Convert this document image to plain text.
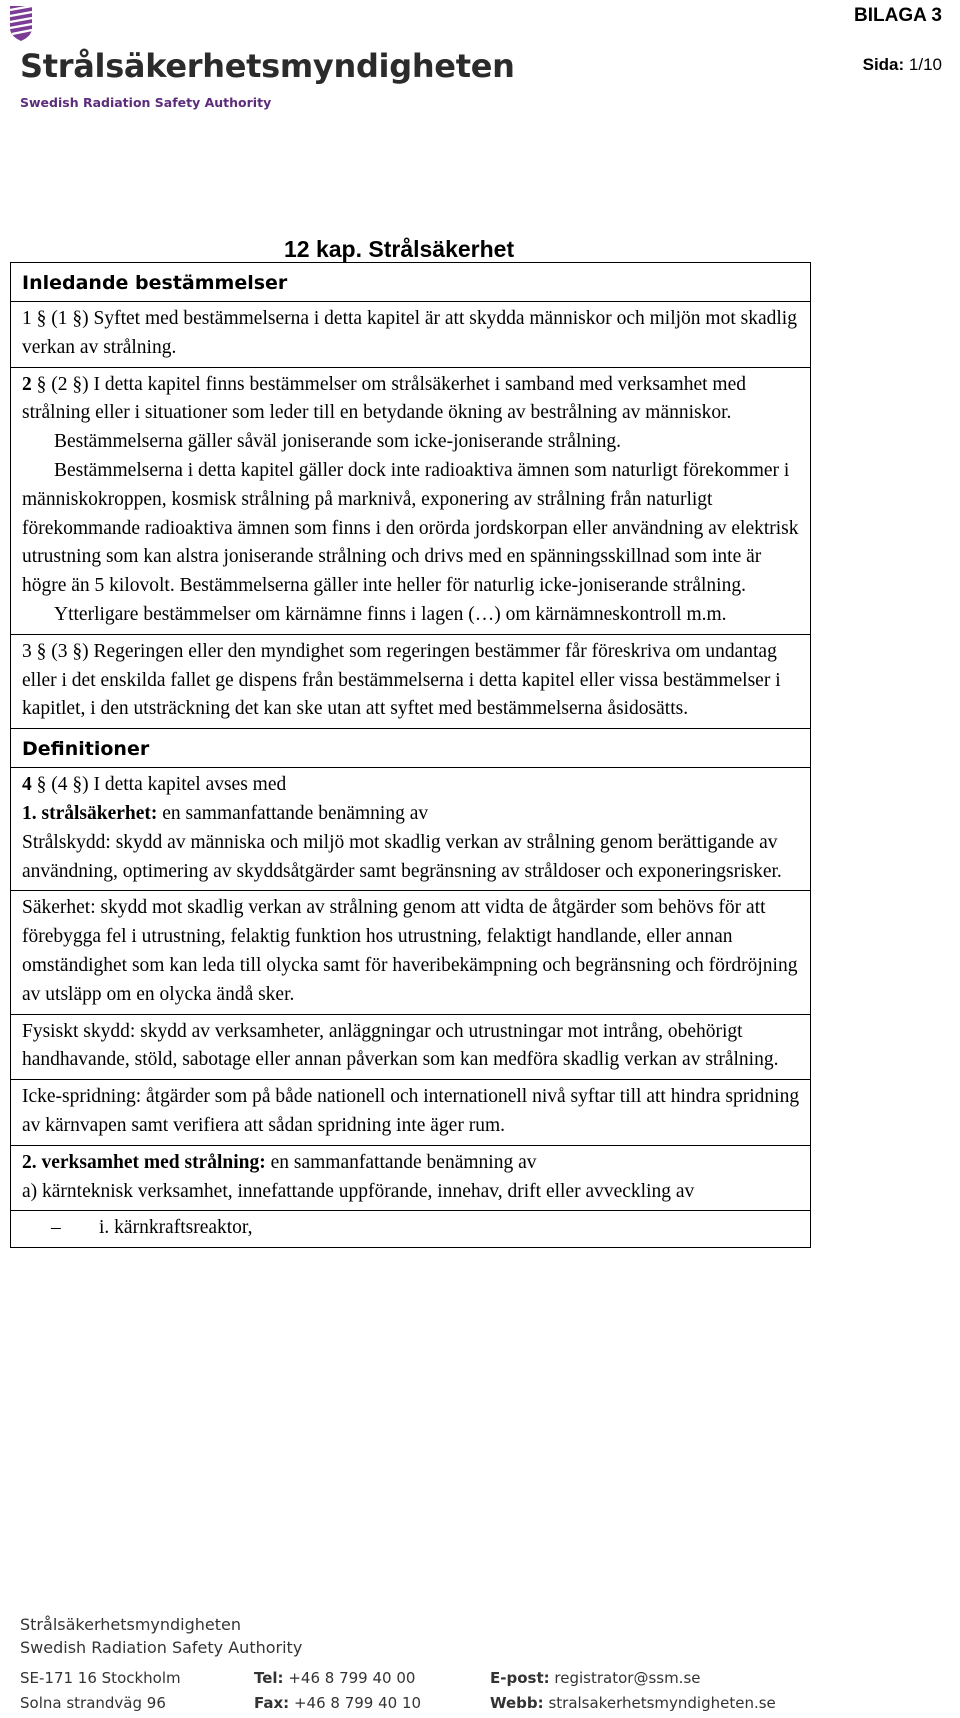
Strålsäkerhetsmyndigheten
Swedish Radiation Safety Authority
BILAGA 3
Sida: 1/10
12 kap. Strålsäkerhet
Inledande bestämmelser
1 § (1 §) Syftet med bestämmelserna i detta kapitel är att skydda människor och miljön mot skadlig verkan av strålning.
2 § (2 §) I detta kapitel finns bestämmelser om strålsäkerhet i samband med verksamhet med strålning eller i situationer som leder till en betydande ökning av bestrålning av människor.
Bestämmelserna gäller såväl joniserande som icke-joniserande strålning.
Bestämmelserna i detta kapitel gäller dock inte radioaktiva ämnen som naturligt förekommer i människokroppen, kosmisk strålning på marknivå, exponering av strålning från naturligt förekommande radioaktiva ämnen som finns i den orörda jordskorpan eller användning av elektrisk utrustning som kan alstra joniserande strålning och drivs med en spänningsskillnad som inte är högre än 5 kilovolt. Bestämmelserna gäller inte heller för naturlig icke-joniserande strålning.
Ytterligare bestämmelser om kärnämne finns i lagen (…) om kärnämneskontroll m.m.
3 § (3 §) Regeringen eller den myndighet som regeringen bestämmer får föreskriva om undantag eller i det enskilda fallet ge dispens från bestämmelserna i detta kapitel eller vissa bestämmelser i kapitlet, i den utsträckning det kan ske utan att syftet med bestämmelserna åsidosätts.
Definitioner
4 § (4 §) I detta kapitel avses med
1. strålsäkerhet: en sammanfattande benämning av
Strålskydd: skydd av människa och miljö mot skadlig verkan av strålning genom berättigande av användning, optimering av skyddsåtgärder samt begränsning av stråldoser och exponeringsrisker.
Säkerhet: skydd mot skadlig verkan av strålning genom att vidta de åtgärder som behövs för att förebygga fel i utrustning, felaktig funktion hos utrustning, felaktigt handlande, eller annan omständighet som kan leda till olycka samt för haveribekämpning och begränsning och fördröjning av utsläpp om en olycka ändå sker.
Fysiskt skydd: skydd av verksamheter, anläggningar och utrustningar mot intrång, obehörigt handhavande, stöld, sabotage eller annan påverkan som kan medföra skadlig verkan av strålning.
Icke-spridning: åtgärder som på både nationell och internationell nivå syftar till att hindra spridning av kärnvapen samt verifiera att sådan spridning inte äger rum.
2. verksamhet med strålning: en sammanfattande benämning av
a) kärnteknisk verksamhet, innefattande uppförande, innehav, drift eller avveckling av
– i. kärnkraftsreaktor,
Strålsäkerhetsmyndigheten
Swedish Radiation Safety Authority
SE-171 16 Stockholm
Solna strandväg 96
Tel: +46 8 799 40 00
Fax: +46 8 799 40 10
E-post: registrator@ssm.se
Webb: stralsakerhetsmyndigheten.se
